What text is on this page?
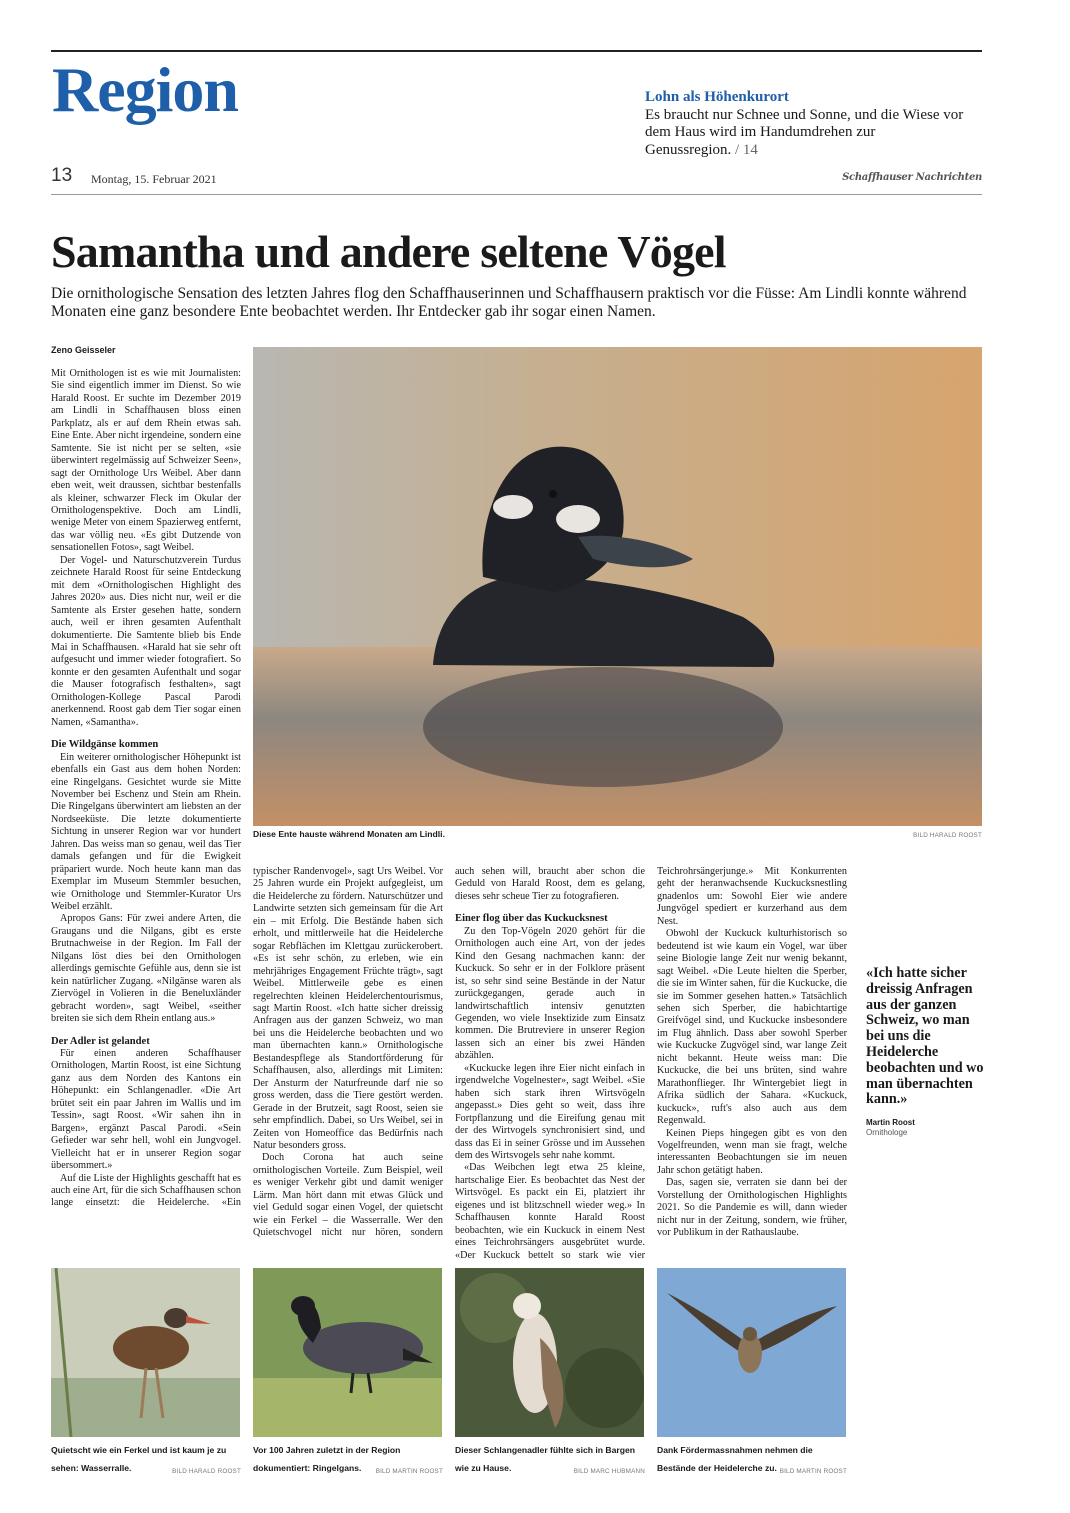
Region	Lohn als Höhenkurort
Es braucht nur Schnee und Sonne, und die Wiese vor dem Haus wird im Handumdrehen zur Genussregion. / 14
13 Montag, 15. Februar 2021	Schaffhauser Nachrichten
Samantha und andere seltene Vögel
Die ornithologische Sensation des letzten Jahres flog den Schaffhauserinnen und Schaffhausern praktisch vor die Füsse: Am Lindli konnte während Monaten eine ganz besondere Ente beobachtet werden. Ihr Entdecker gab ihr sogar einen Namen.
Zeno Geisseler

Mit Ornithologen ist es wie mit Journalisten: Sie sind eigentlich immer im Dienst. So wie Harald Roost. Er suchte im Dezember 2019 am Lindli in Schaffhausen bloss einen Parkplatz, als er auf dem Rhein etwas sah. Eine Ente. Aber nicht irgendeine, sondern eine Samtente. Sie ist nicht per se selten, «sie überwintert regelmässig auf Schweizer Seen», sagt der Ornithologe Urs Weibel. Aber dann eben weit, weit draussen, sichtbar bestenfalls als kleiner, schwarzer Fleck im Okular der Ornithologenspektive. Doch am Lindli, wenige Meter von einem Spazierweg entfernt, das war völlig neu. «Es gibt Dutzende von sensationellen Fotos», sagt Weibel.

Der Vogel- und Naturschutzverein Turdus zeichnete Harald Roost für seine Entdeckung mit dem «Ornithologischen Highlight des Jahres 2020» aus. Dies nicht nur, weil er die Samtente als Erster gesehen hatte, sondern auch, weil er ihren gesamten Aufenthalt dokumentierte. Die Samtente blieb bis Ende Mai in Schaffhausen. «Harald hat sie sehr oft aufgesucht und immer wieder fotografiert. So konnte er den gesamten Aufenthalt und sogar die Mauser fotografisch festhalten», sagt Ornithologen-Kollege Pascal Parodi anerkennend. Roost gab dem Tier sogar einen Namen, «Samantha».

Die Wildgänse kommen

Ein weiterer ornithologischer Höhepunkt ist ebenfalls ein Gast aus dem hohen Norden: eine Ringelgans. Gesichtet wurde sie Mitte November bei Eschenz und Stein am Rhein. Die Ringelgans überwintert am liebsten an der Nordseeküste. Die letzte dokumentierte Sichtung in unserer Region war vor hundert Jahren. Das weiss man so genau, weil das Tier damals gefangen und für die Ewigkeit präpariert wurde. Noch heute kann man das Exemplar im Museum Stemmler besuchen, wie Ornithologe und Stemmler-Kurator Urs Weibel erzählt.

Apropos Gans: Für zwei andere Arten, die Graugans und die Nilgans, gibt es erste Brutnachweise in der Region. Im Fall der Nilgans löst dies bei den Ornithologen allerdings gemischte Gefühle aus, denn sie ist kein natürlicher Zugang. «Nilgänse waren als Ziervögel in Volieren in die Beneluxländer gebracht worden», sagt Weibel, «seither breiten sie sich dem Rhein entlang aus.»

Der Adler ist gelandet

Für einen anderen Schaffhauser Ornithologen, Martin Roost, ist eine Sichtung ganz aus dem Norden des Kantons ein Höhepunkt: ein Schlangenadler. «Die Art brütet seit ein paar Jahren im Wallis und im Tessin», sagt Roost. «Wir sahen ihn in Bargen», ergänzt Pascal Parodi. «Sein Gefieder war sehr hell, wohl ein Jungvogel. Vielleicht hat er in unserer Region sogar übersommert.»

Auf die Liste der Highlights geschafft hat es auch eine Art, für die sich Schaffhausen schon lange einsetzt: die Heidelerche. «Ein

Diese Ente hauste während Monaten am Lindli.	BILD HARALD ROOST

typischer Randenvogel», sagt Urs Weibel. Vor 25 Jahren wurde ein Projekt aufgegleist, um die Heidelerche zu fördern. Naturschützer und Landwirte setzten sich gemeinsam für die Art ein – mit Erfolg. Die Bestände haben sich erholt, und mittlerweile hat die Heidelerche sogar Rebflächen im Klettgau zurückerobert. «Es ist sehr schön, zu erleben, wie ein mehrjähriges Engagement Früchte trägt», sagt Weibel. Mittlerweile gebe es einen regelrechten kleinen Heidelerchentourismus, sagt Martin Roost. «Ich hatte sicher dreissig Anfragen aus der ganzen Schweiz, wo man bei uns die Heidelerche beobachten und wo man übernachten kann.» Ornithologische Bestandespflege als Standortförderung für Schaffhausen, also, allerdings mit Limiten: Der Ansturm der Naturfreunde darf nie so gross werden, dass die Tiere gestört werden. Gerade in der Brutzeit, sagt Roost, seien sie sehr empfindlich. Dabei, so Urs Weibel, sei in Zeiten von Homeoffice das Bedürfnis nach Natur besonders gross.

Doch Corona hat auch seine ornithologischen Vorteile. Zum Beispiel, weil es weniger Verkehr gibt und damit weniger Lärm. Man hört dann mit etwas Glück und viel Geduld sogar einen Vogel, der quietscht wie ein Ferkel – die Wasserralle. Wer den Quietschvogel nicht nur hören, sondern

auch sehen will, braucht aber schon die Geduld von Harald Roost, dem es gelang, dieses sehr scheue Tier zu fotografieren.

Einer flog über das Kuckucksnest

Zu den Top-Vögeln 2020 gehört für die Ornithologen auch eine Art, von der jedes Kind den Gesang nachmachen kann: der Kuckuck. So sehr er in der Folklore präsent ist, so sehr sind seine Bestände in der Natur zurückgegangen, gerade auch in landwirtschaftlich intensiv genutzten Gegenden, wo viele Insektizide zum Einsatz kommen. Die Brutreviere in unserer Region lassen sich an einer bis zwei Händen abzählen.

«Kuckucke legen ihre Eier nicht einfach in irgendwelche Vogelnester», sagt Weibel. «Sie haben sich stark ihren Wirtsvögeln angepasst.» Dies geht so weit, dass ihre Fortpflanzung und die Eireifung genau mit der des Wirtvogels synchronisiert sind, und dass das Ei in seiner Grösse und im Aussehen dem des Wirtsvogels sehr nahe kommt.

«Das Weibchen legt etwa 25 kleine, hartschalige Eier. Es beobachtet das Nest der Wirtsvögel. Es packt ein Ei, platziert ihr eigenes und ist blitzschnell wieder weg.» In Schaffhausen konnte Harald Roost beobachten, wie ein Kuckuck in einem Nest eines Teichrohrsängers ausgebrütet wurde. «Der Kuckuck bettelt so stark wie vier

Teichrohrsängerjunge.» Mit Konkurrenten geht der heranwachsende Kuckucksnestling gnadenlos um: Sowohl Eier wie andere Jungvögel spediert er kurzerhand aus dem Nest.

Obwohl der Kuckuck kulturhistorisch so bedeutend ist wie kaum ein Vogel, war über seine Biologie lange Zeit nur wenig bekannt, sagt Weibel. «Die Leute hielten die Sperber, die sie im Winter sahen, für die Kuckucke, die sie im Sommer gesehen hatten.» Tatsächlich sehen sich Sperber, die habichtartige Greifvögel sind, und Kuckucke insbesondere im Flug ähnlich. Dass aber sowohl Sperber wie Kuckucke Zugvögel sind, war lange Zeit nicht bekannt. Heute weiss man: Die Kuckucke, die bei uns brüten, sind wahre Marathonflieger. Ihr Wintergebiet liegt in Afrika südlich der Sahara. «Kuckuck, kuckuck», ruft's also auch aus dem Regenwald.

Keinen Pieps hingegen gibt es von den Vogelfreunden, wenn man sie fragt, welche interessanten Beobachtungen sie im neuen Jahr schon getätigt haben.

Das, sagen sie, verraten sie dann bei der Vorstellung der Ornithologischen Highlights 2021. So die Pandemie es will, dann wieder nicht nur in der Zeitung, sondern, wie früher, vor Publikum in der Rathauslaube.

«Ich hatte sicher dreissig Anfragen aus der ganzen Schweiz, wo man bei uns die Heidelerche beobachten und wo man übernachten kann.»
Martin Roost
Ornithologe
Quietscht wie ein Ferkel und ist kaum je zu sehen: Wasserralle.	BILD HARALD ROOST
Vor 100 Jahren zuletzt in der Region dokumentiert: Ringelgans. BILD MARTIN ROOST
Dieser Schlangenadler fühlte sich in Bargen wie zu Hause.	BILD MARC HUBMANN
Dank Fördermassnahmen nehmen die Bestände der Heidelerche zu. BILD MARTIN ROOST
